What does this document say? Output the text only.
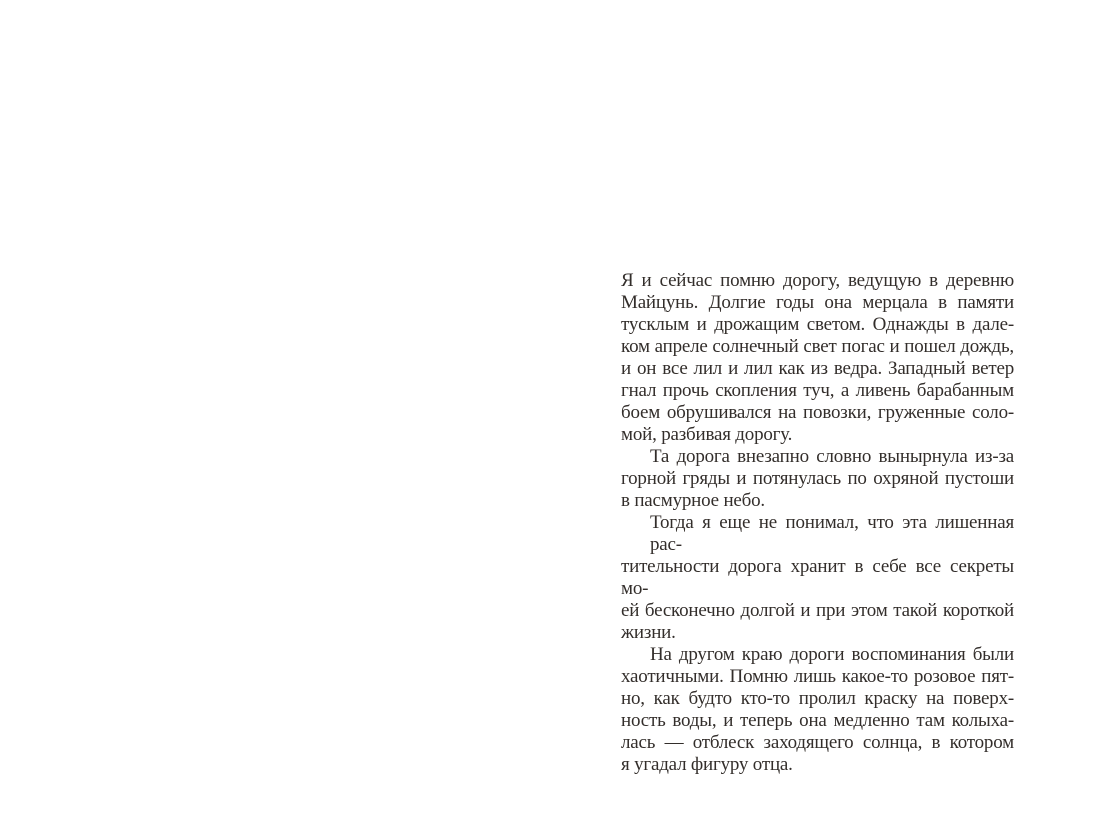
Я и сейчас помню дорогу, ведущую в деревню
Майцунь. Долгие годы она мерцала в памяти
тусклым и дрожащим светом. Однажды в дале-
ком апреле солнечный свет погас и пошел дождь,
и он все лил и лил как из ведра. Западный ветер
гнал прочь скопления туч, а ливень барабанным
боем обрушивался на повозки, груженные соло-
мой, разбивая дорогу.
Та дорога внезапно словно вынырнула из-за
горной гряды и потянулась по охряной пустоши
в пасмурное небо.
Тогда я еще не понимал, что эта лишенная рас-
тительности дорога хранит в себе все секреты мо-
ей бесконечно долгой и при этом такой короткой
жизни.
На другом краю дороги воспоминания были
хаотичными. Помню лишь какое-то розовое пят-
но, как будто кто-то пролил краску на поверх-
ность воды, и теперь она медленно там колыха-
лась — отблеск заходящего солнца, в котором
я угадал фигуру отца.
